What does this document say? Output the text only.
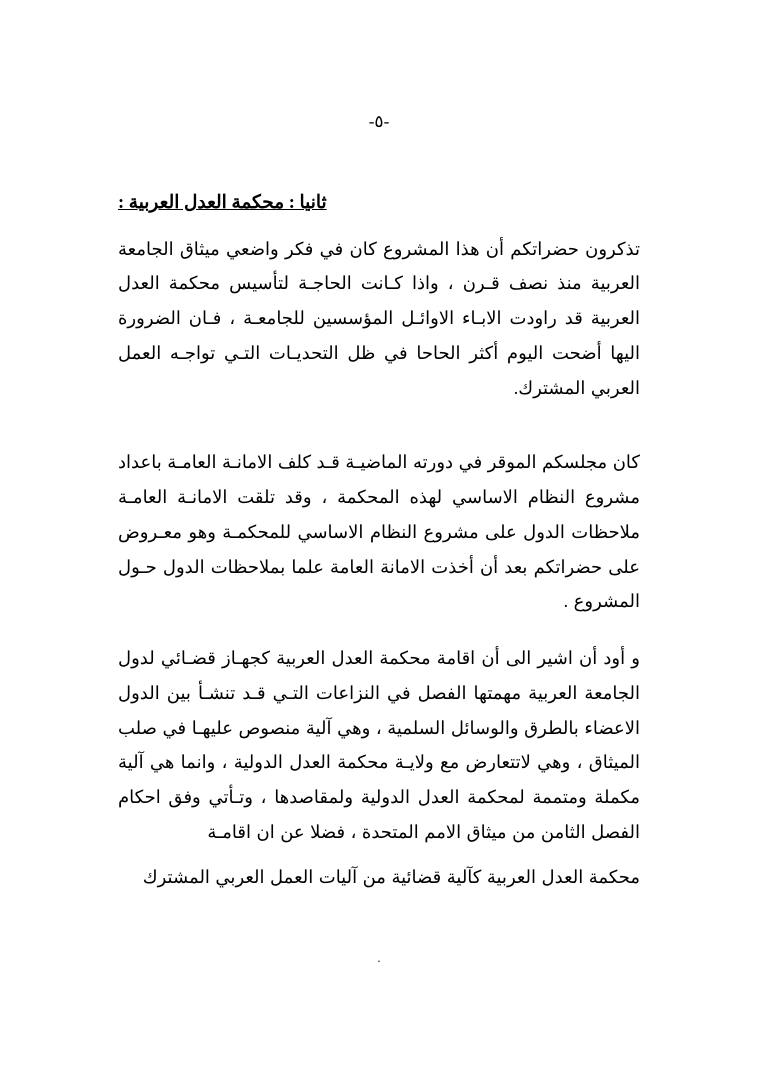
-٥-
ثانيا : محكمة العدل العربية :

تذكرون حضراتكم أن هذا المشروع كان في فكر واضعي ميثاق الجامعة العربية منذ نصف قـرن ، واذا كـانت الحاجـة لتأسيس محكمة العدل العربية قد راودت الابـاء الاوائـل المؤسسين للجامعـة ، فـان الضرورة اليها أضحت اليوم أكثر الحاحا في ظل التحديـات التـي تواجـه العمل العربي المشترك.

كان مجلسكم الموقر في دورته الماضيـة قـد كلف الامانـة العامـة باعداد مشروع النظام الاساسي لهذه المحكمة ، وقد تلقت الامانـة العامـة ملاحظات الدول على مشروع النظام الاساسي للمحكمـة وهو معـروض على حضراتكم بعد أن أخذت الامانة العامة علما بملاحظات الدول حـول المشروع .

و أود أن اشير الى أن اقامة محكمة العدل العربية كجهـاز قضـائي لدول الجامعة العربية مهمتها الفصل في النزاعات التـي قـد تنشـأ بين الدول الاعضاء بالطرق والوسائل السلمية ، وهي آلية منصوص عليهـا في صلب الميثاق ، وهي لاتتعارض مع ولايـة محكمة العدل الدولية ، وانما هي آلية مكملة ومتممة لمحكمة العدل الدولية ولمقاصدها ، وتـأتي وفق احكام الفصل الثامن من ميثاق الامم المتحدة ، فضلا عن ان اقامـة

محكمة العدل العربية كآلية قضائية من آليات العمل العربي المشترك

.
